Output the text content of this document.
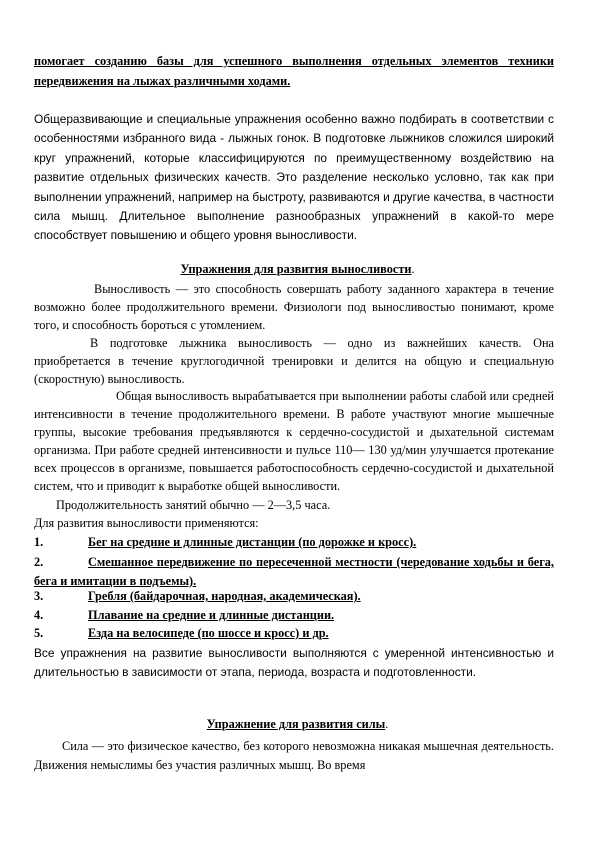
помогает созданию базы для успешного выполнения отдельных элементов техники

передвижения на лыжах различными ходами.

Общеразвивающие и специальные упражнения особенно важно подбирать в соответствии с особенностями избранного вида - лыжных гонок. В подготовке лыжников сложился широкий круг упражнений, которые классифицируются по преимущественному воздействию на развитие отдельных физических качеств. Это разделение несколько условно, так как при выполнении упражнений, например на быстроту, развиваются и другие качества, в частности сила мышц. Длительное выполнение разнообразных упражнений в какой-то мере способствует повышению и общего уровня выносливости.

Упражнения для развития выносливости.

Выносливость — это способность совершать работу заданного характера в течение возможно более продолжительного времени. Физиологи под выносливостью понимают, кроме того, и способность бороться с утомлением.

В подготовке лыжника выносливость — одно из важнейших качеств. Она приобретается в течение круглогодичной тренировки и делится на общую и специальную (скоростную) выносливость.

Общая выносливость вырабатывается при выполнении работы слабой или средней интенсивности в течение продолжительного времени. В работе участвуют многие мышечные группы, высокие требования предъявляются к сердечно-сосудистой и дыхательной системам организма. При работе средней интенсивности и пульсе 110— 130 уд/мин улучшается протекание всех процессов в организме, повышается работоспособность сердечно-сосудистой и дыхательной систем, что и приводит к выработке общей выносливости.

Продолжительность занятий обычно — 2—3,5 часа.

Для развития выносливости применяются:

1.	Бег на средние и длинные дистанции (по дорожке и кросс).
2.	Смешанное передвижение по пересеченной местности (чередование ходьбы и бега, бега и имитации в подъемы).
3.	Гребля (байдарочная, народная, академическая).
4.	Плавание на средние и длинные дистанции.
5.	Езда на велосипеде (по шоссе и кросс) и др.

Все упражнения на развитие выносливости выполняются с умеренной интенсивностью и длительностью в зависимости от этапа, периода, возраста и подготовленности.

Упражнение для развития силы.

Сила — это физическое качество, без которого невозможна никакая мышечная деятельность. Движения немыслимы без участия различных мышц. Во время
